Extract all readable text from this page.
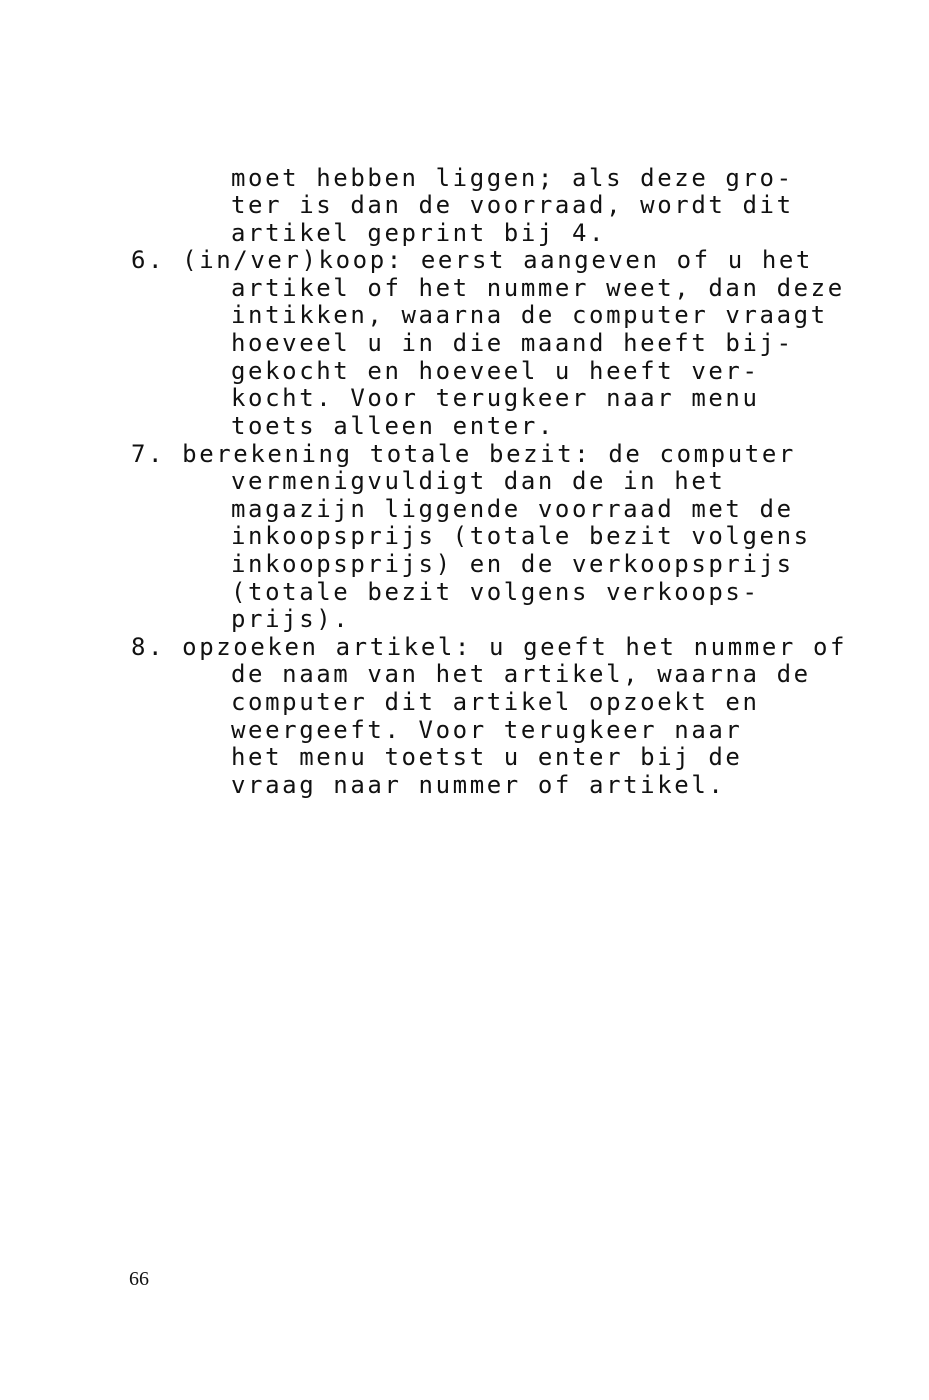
moet hebben liggen; als deze gro-
ter is dan de voorraad, wordt dit
artikel geprint bij 4.
6. (in/ver)koop: eerst aangeven of u het
artikel of het nummer weet, dan deze
intikken, waarna de computer vraagt
hoeveel u in die maand heeft bij-
gekocht en hoeveel u heeft ver-
kocht. Voor terugkeer naar menu
toets alleen enter.
7. berekening totale bezit: de computer
vermenigvuldigt dan de in het
magazijn liggende voorraad met de
inkoopsprijs (totale bezit volgens
inkoopsprijs) en de verkoopsprijs
(totale bezit volgens verkoops-
prijs).
8. opzoeken artikel: u geeft het nummer of
de naam van het artikel, waarna de
computer dit artikel opzoekt en
weergeeft. Voor terugkeer naar
het menu toetst u enter bij de
vraag naar nummer of artikel.
66
